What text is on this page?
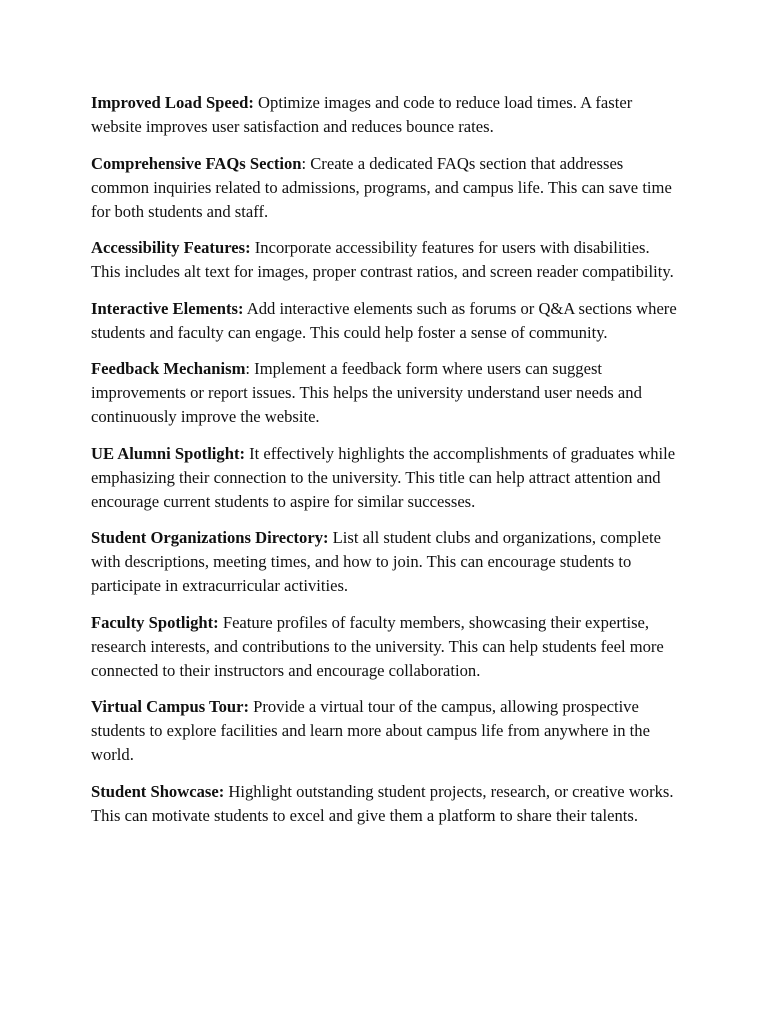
Improved Load Speed: Optimize images and code to reduce load times. A faster website improves user satisfaction and reduces bounce rates.

Comprehensive FAQs Section: Create a dedicated FAQs section that addresses common inquiries related to admissions, programs, and campus life. This can save time for both students and staff.

Accessibility Features: Incorporate accessibility features for users with disabilities. This includes alt text for images, proper contrast ratios, and screen reader compatibility.

Interactive Elements: Add interactive elements such as forums or Q&A sections where students and faculty can engage. This could help foster a sense of community.

Feedback Mechanism: Implement a feedback form where users can suggest improvements or report issues. This helps the university understand user needs and continuously improve the website.

UE Alumni Spotlight: It effectively highlights the accomplishments of graduates while emphasizing their connection to the university. This title can help attract attention and encourage current students to aspire for similar successes.

Student Organizations Directory: List all student clubs and organizations, complete with descriptions, meeting times, and how to join. This can encourage students to participate in extracurricular activities.

Faculty Spotlight: Feature profiles of faculty members, showcasing their expertise, research interests, and contributions to the university. This can help students feel more connected to their instructors and encourage collaboration.

Virtual Campus Tour: Provide a virtual tour of the campus, allowing prospective students to explore facilities and learn more about campus life from anywhere in the world.

Student Showcase: Highlight outstanding student projects, research, or creative works. This can motivate students to excel and give them a platform to share their talents.
